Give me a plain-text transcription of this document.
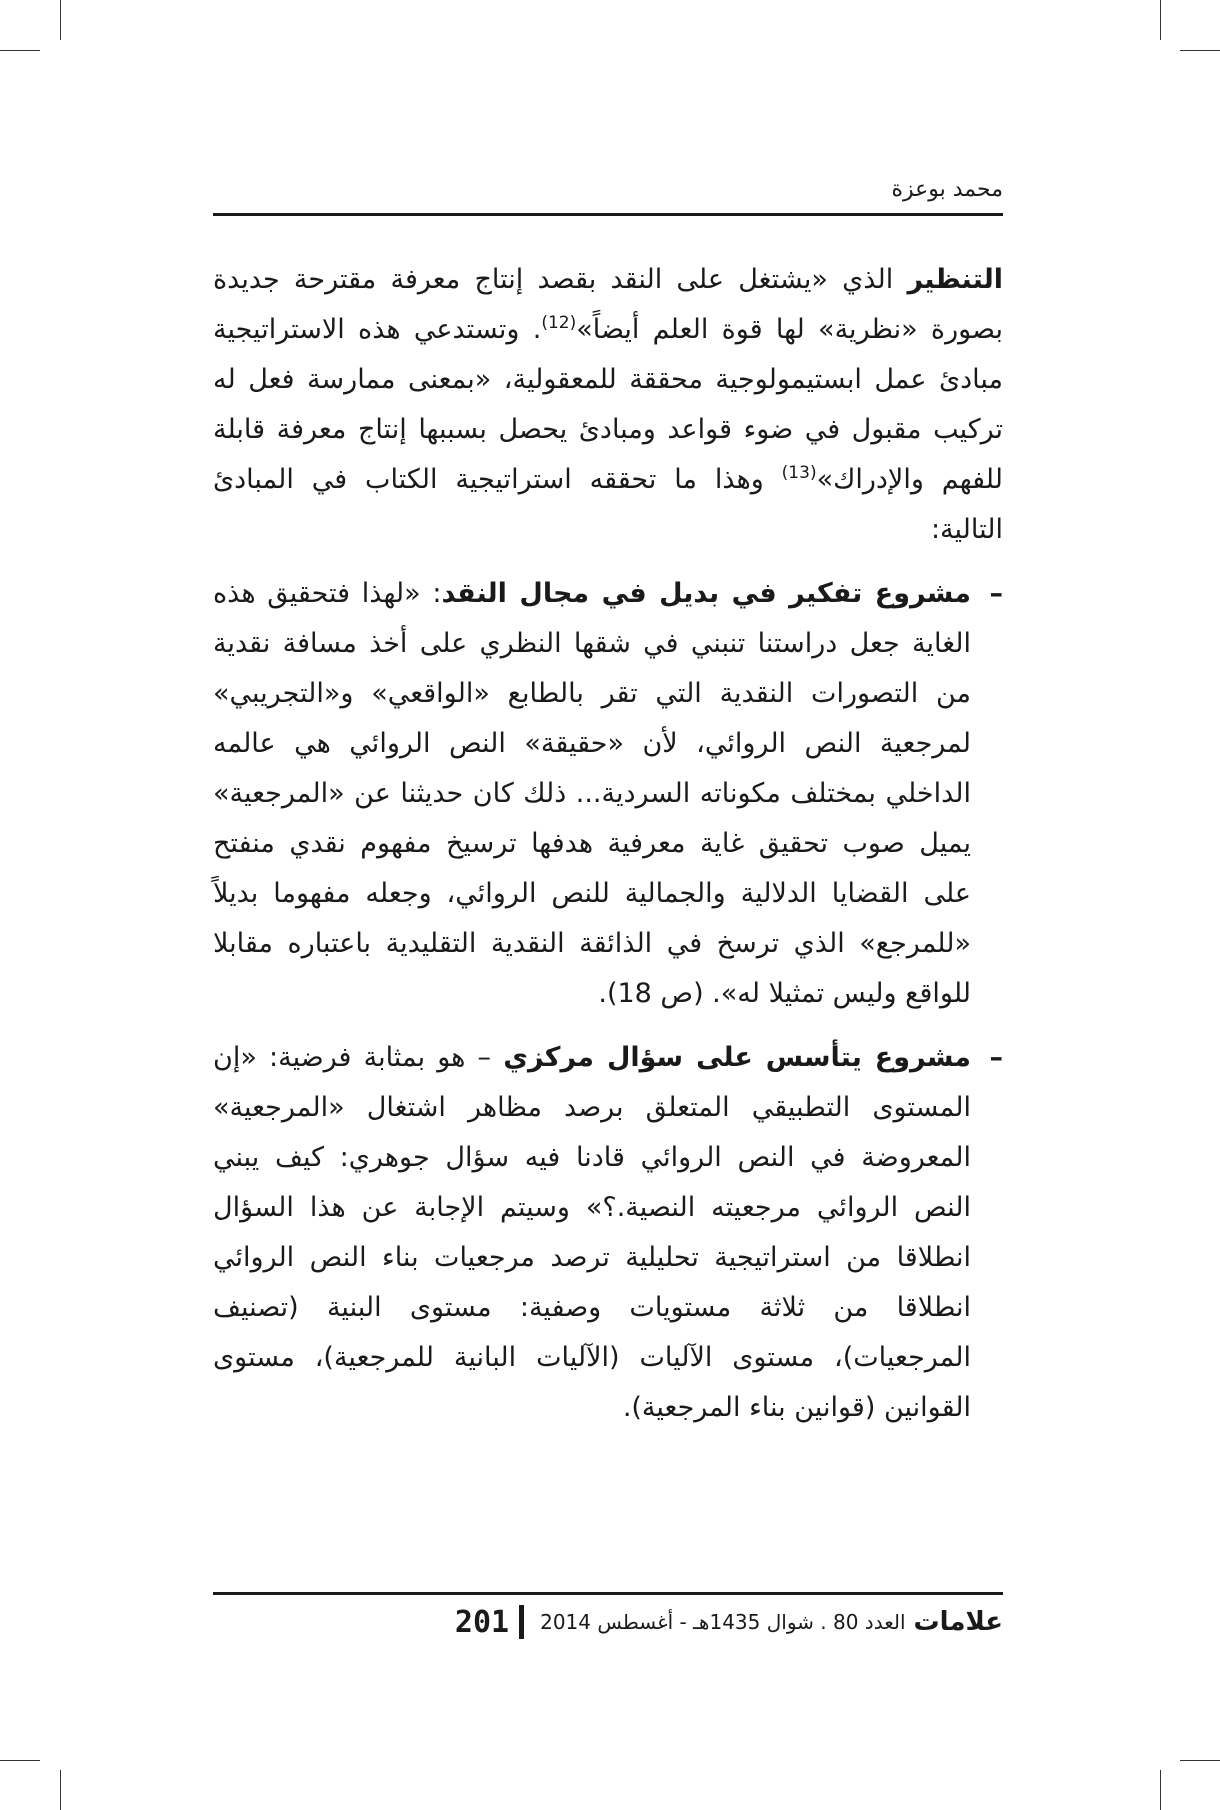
محمد بوعزة

التنظير الذي «يشتغل على النقد بقصد إنتاج معرفة مقترحة جديدة بصورة «نظرية» لها قوة العلم أيضاً»$^{(12)}$. وتستدعي هذه الاستراتيجية مبادئ عمل ابستيمولوجية محققة للمعقولية، «بمعنى ممارسة فعل له تركيب مقبول في ضوء قواعد ومبادئ يحصل بسببها إنتاج معرفة قابلة للفهم والإدراك»$^{(13)}$ وهذا ما تحققه استراتيجية الكتاب في المبادئ التالية:

–
مشروع تفكير في بديل في مجال النقد: «لهذا فتحقيق هذه الغاية جعل دراستنا تنبني في شقها النظري على أخذ مسافة نقدية من التصورات النقدية التي تقر بالطابع «الواقعي» و«التجريبي» لمرجعية النص الروائي، لأن «حقيقة» النص الروائي هي عالمه الداخلي بمختلف مكوناته السردية... ذلك كان حديثنا عن «المرجعية» يميل صوب تحقيق غاية معرفية هدفها ترسيخ مفهوم نقدي منفتح على القضايا الدلالية والجمالية للنص الروائي، وجعله مفهوما بديلاً «للمرجع» الذي ترسخ في الذائقة النقدية التقليدية باعتباره مقابلا للواقع وليس تمثيلا له». (ص 18).

–
مشروع يتأسس على سؤال مركزي – هو بمثابة فرضية: «إن المستوى التطبيقي المتعلق برصد مظاهر اشتغال «المرجعية» المعروضة في النص الروائي قادنا فيه سؤال جوهري: كيف يبني النص الروائي مرجعيته النصية.؟» وسيتم الإجابة عن هذا السؤال انطلاقا من استراتيجية تحليلية ترصد مرجعيات بناء النص الروائي انطلاقا من ثلاثة مستويات وصفية: مستوى البنية (تصنيف المرجعيات)، مستوى الآليات (الآليات البانية للمرجعية)، مستوى القوانين (قوانين بناء المرجعية).

علامات
العدد 80 . شوال 1435هـ - أغسطس 2014
201
